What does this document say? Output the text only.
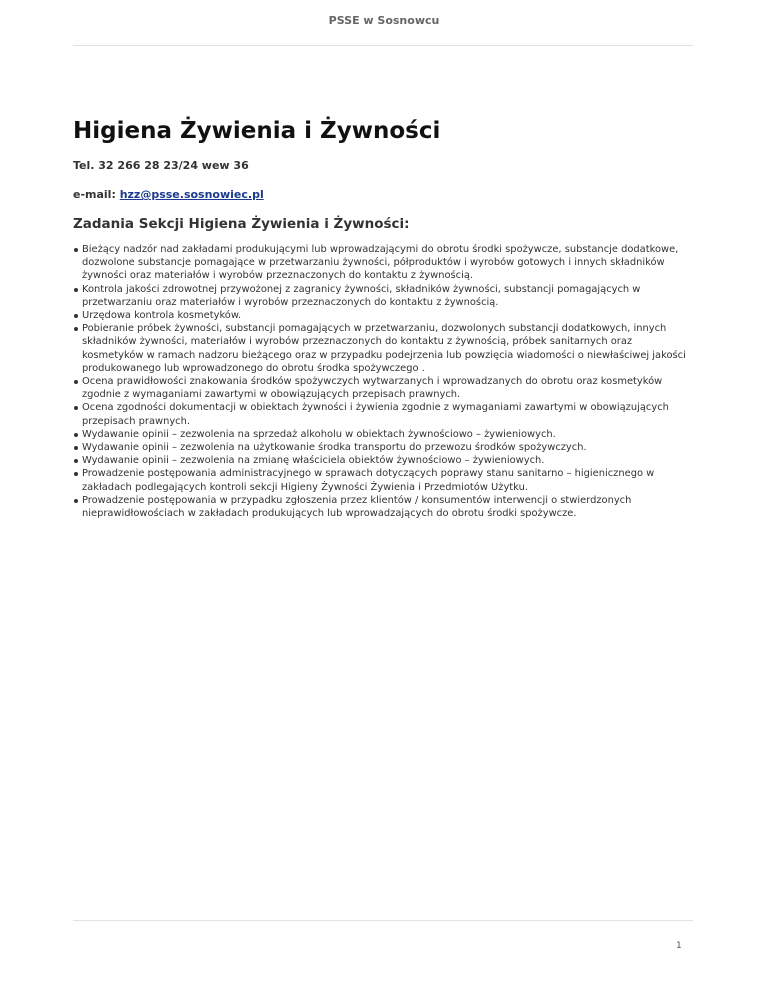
PSSE w Sosnowcu
Higiena Żywienia i Żywności

Tel. 32 266 28 23/24 wew 36

e-mail: hzz@psse.sosnowiec.pl

Zadania Sekcji Higiena Żywienia i Żywności:
Bieżący nadzór nad zakładami produkującymi lub wprowadzającymi do obrotu środki spożywcze, substancje dodatkowe, dozwolone substancje pomagające w przetwarzaniu żywności, półproduktów i wyrobów gotowych i innych składników żywności oraz materiałów i wyrobów przeznaczonych do kontaktu z żywnością.
Kontrola jakości zdrowotnej przywożonej z zagranicy żywności, składników żywności, substancji pomagających w przetwarzaniu oraz materiałów i wyrobów przeznaczonych do kontaktu z żywnością.
Urzędowa kontrola kosmetyków.
Pobieranie próbek żywności, substancji pomagających w przetwarzaniu, dozwolonych substancji dodatkowych, innych składników żywności, materiałów i wyrobów przeznaczonych do kontaktu z żywnością, próbek sanitarnych oraz kosmetyków w ramach nadzoru bieżącego oraz w przypadku podejrzenia lub powzięcia wiadomości o niewłaściwej jakości produkowanego lub wprowadzonego do obrotu środka spożywczego .
Ocena prawidłowości znakowania środków spożywczych wytwarzanych i wprowadzanych do obrotu oraz kosmetyków zgodnie z wymaganiami zawartymi w obowiązujących przepisach prawnych.
Ocena zgodności dokumentacji w obiektach żywności i żywienia zgodnie z wymaganiami zawartymi w obowiązujących przepisach prawnych.
Wydawanie opinii – zezwolenia na sprzedaż alkoholu w obiektach żywnościowo – żywieniowych.
Wydawanie opinii – zezwolenia na użytkowanie środka transportu do przewozu środków spożywczych.
Wydawanie opinii – zezwolenia na zmianę właściciela obiektów żywnościowo – żywieniowych.
Prowadzenie postępowania administracyjnego w sprawach dotyczących poprawy stanu sanitarno – higienicznego w zakładach podlegających kontroli sekcji Higieny Żywności Żywienia i Przedmiotów Użytku.
Prowadzenie postępowania w przypadku zgłoszenia przez klientów / konsumentów interwencji o stwierdzonych nieprawidłowościach w zakładach produkujących lub wprowadzających do obrotu środki spożywcze.
1
